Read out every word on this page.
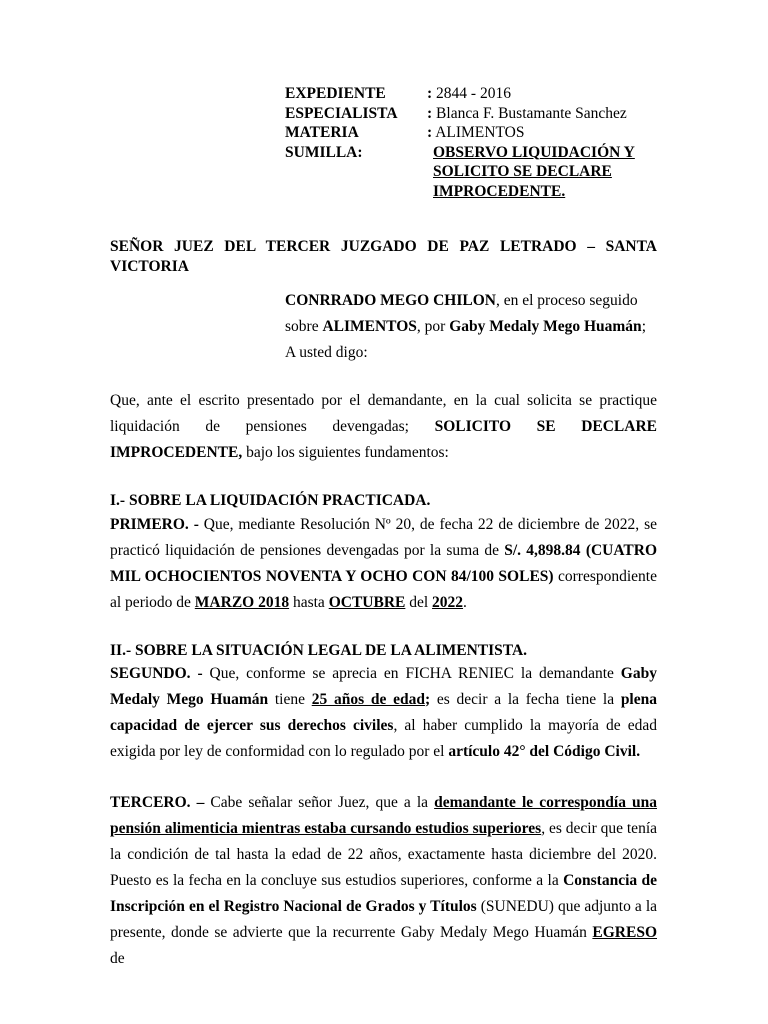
EXPEDIENTE	: 2844 - 2016
ESPECIALISTA	: Blanca F. Bustamante Sanchez
MATERIA	: ALIMENTOS
SUMILLA:	OBSERVO LIQUIDACIÓN Y
SOLICITO SE DECLARE
IMPROCEDENTE.
SEÑOR JUEZ DEL TERCER JUZGADO DE PAZ LETRADO – SANTA VICTORIA
CONRRADO MEGO CHILON, en el proceso seguido
sobre ALIMENTOS, por Gaby Medaly Mego Huamán;
A usted digo:
Que, ante el escrito presentado por el demandante, en la cual solicita se practique liquidación de pensiones devengadas; SOLICITO SE DECLARE IMPROCEDENTE, bajo los siguientes fundamentos:
I.- SOBRE LA LIQUIDACIÓN PRACTICADA.
PRIMERO. - Que, mediante Resolución Nº 20, de fecha 22 de diciembre de 2022, se practicó liquidación de pensiones devengadas por la suma de S/. 4,898.84 (CUATRO MIL OCHOCIENTOS NOVENTA Y OCHO CON 84/100 SOLES) correspondiente al periodo de MARZO 2018 hasta OCTUBRE del 2022.
II.- SOBRE LA SITUACIÓN LEGAL DE LA ALIMENTISTA.
SEGUNDO. - Que, conforme se aprecia en FICHA RENIEC la demandante Gaby Medaly Mego Huamán tiene 25 años de edad; es decir a la fecha tiene la plena capacidad de ejercer sus derechos civiles, al haber cumplido la mayoría de edad exigida por ley de conformidad con lo regulado por el artículo 42° del Código Civil.
TERCERO. – Cabe señalar señor Juez, que a la demandante le correspondía una pensión alimenticia mientras estaba cursando estudios superiores, es decir que tenía la condición de tal hasta la edad de 22 años, exactamente hasta diciembre del 2020. Puesto es la fecha en la concluye sus estudios superiores, conforme a la Constancia de Inscripción en el Registro Nacional de Grados y Títulos (SUNEDU) que adjunto a la presente, donde se advierte que la recurrente Gaby Medaly Mego Huamán EGRESO de
